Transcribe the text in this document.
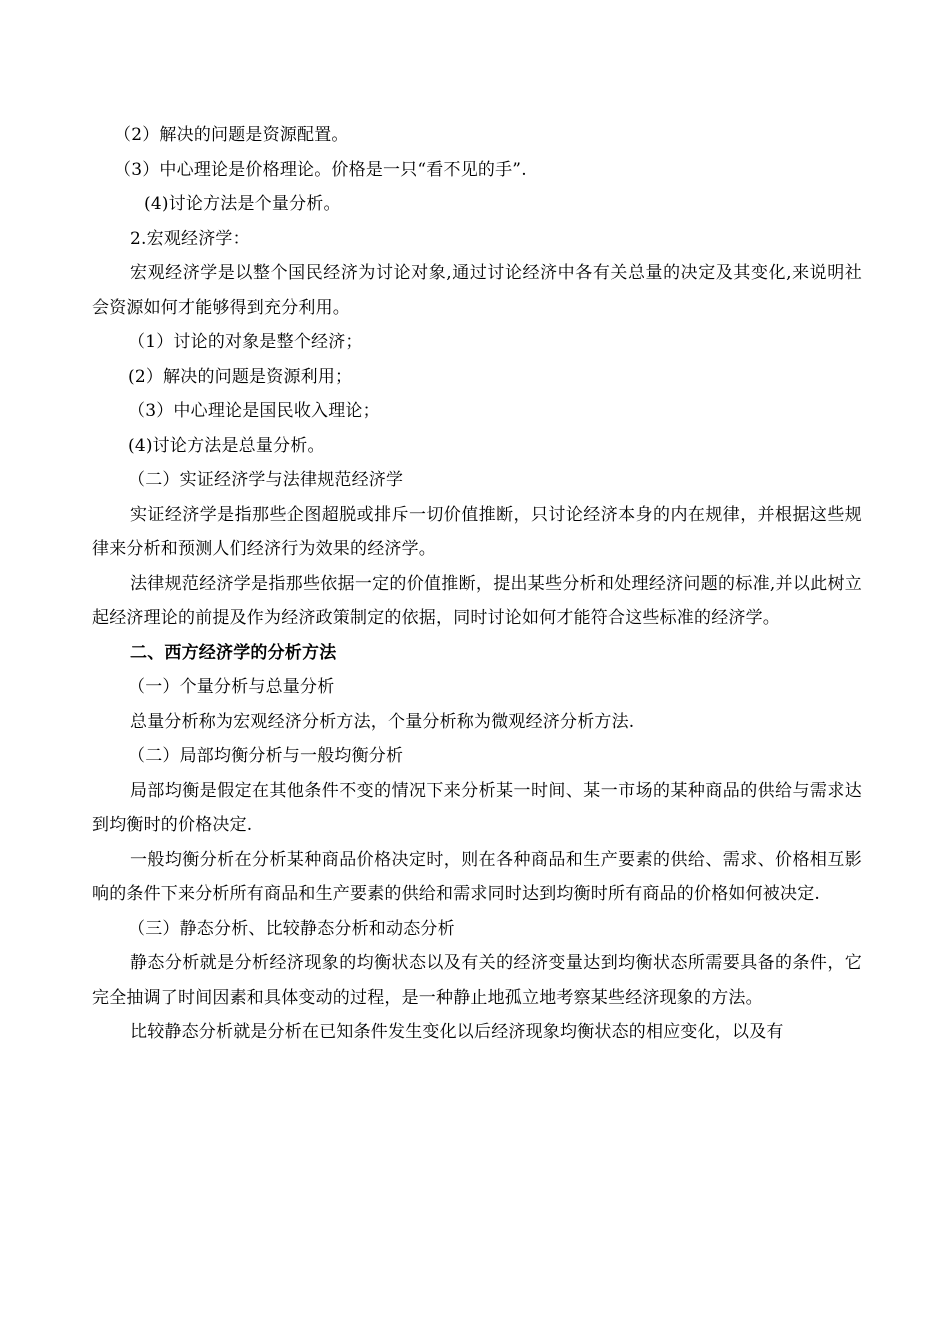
（2）解决的问题是资源配置。

（3）中心理论是价格理论。价格是一只“看不见的手”.

(4)讨论方法是个量分析。

2.宏观经济学：

宏观经济学是以整个国民经济为讨论对象,通过讨论经济中各有关总量的决定及其变化,来说明社会资源如何才能够得到充分利用。

（1）讨论的对象是整个经济；

(2）解决的问题是资源利用；

（3）中心理论是国民收入理论；

(4)讨论方法是总量分析。

（二）实证经济学与法律规范经济学

实证经济学是指那些企图超脱或排斥一切价值推断，只讨论经济本身的内在规律，并根据这些规律来分析和预测人们经济行为效果的经济学。

法律规范经济学是指那些依据一定的价值推断，提出某些分析和处理经济问题的标准,并以此树立起经济理论的前提及作为经济政策制定的依据，同时讨论如何才能符合这些标准的经济学。

二、西方经济学的分析方法

（一）个量分析与总量分析

总量分析称为宏观经济分析方法，个量分析称为微观经济分析方法.

（二）局部均衡分析与一般均衡分析

局部均衡是假定在其他条件不变的情况下来分析某一时间、某一市场的某种商品的供给与需求达到均衡时的价格决定.

一般均衡分析在分析某种商品价格决定时，则在各种商品和生产要素的供给、需求、价格相互影响的条件下来分析所有商品和生产要素的供给和需求同时达到均衡时所有商品的价格如何被决定.

（三）静态分析、比较静态分析和动态分析

静态分析就是分析经济现象的均衡状态以及有关的经济变量达到均衡状态所需要具备的条件，它完全抽调了时间因素和具体变动的过程，是一种静止地孤立地考察某些经济现象的方法。

比较静态分析就是分析在已知条件发生变化以后经济现象均衡状态的相应变化，以及有
